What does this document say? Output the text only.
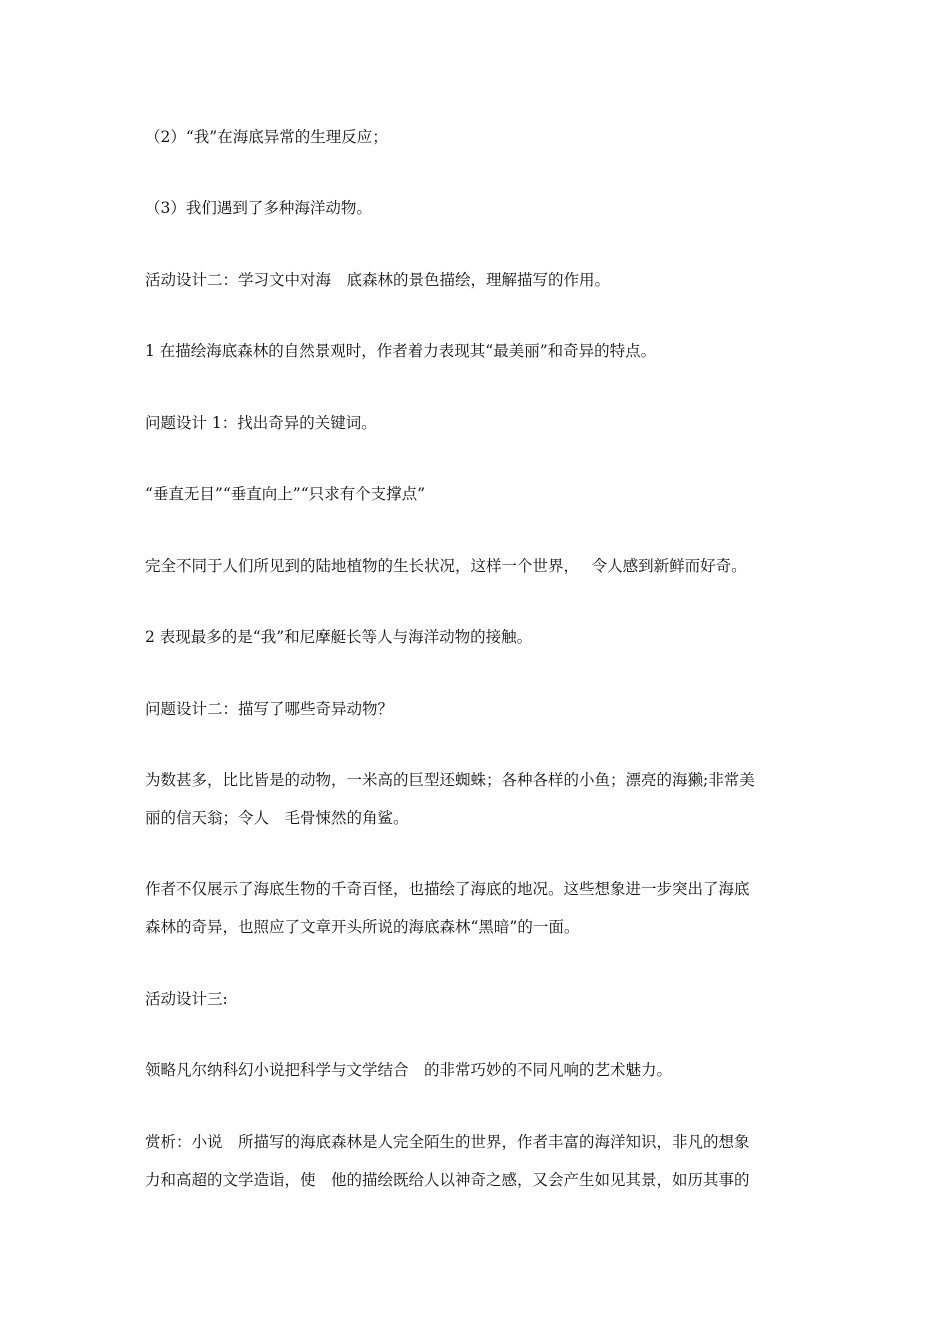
（2）“我”在海底异常的生理反应；

（3）我们遇到了多种海洋动物。

活动设计二：学习文中对海　底森林的景色描绘，理解描写的作用。

1 在描绘海底森林的自然景观时，作者着力表现其“最美丽”和奇异的特点。

问题设计 1：找出奇异的关键词。

“垂直无目”“垂直向上”“只求有个支撑点”

完全不同于人们所见到的陆地植物的生长状况，这样一个世界，　 令人感到新鲜而好奇。

2 表现最多的是“我”和尼摩艇长等人与海洋动物的接触。

问题设计二：描写了哪些奇异动物？

为数甚多，比比皆是的动物，一米高的巨型还蜘蛛；各种各样的小鱼；漂亮的海獭;非常美
丽的信天翁；令人　毛骨悚然的角鲨。

作者不仅展示了海底生物的千奇百怪，也描绘了海底的地况。这些想象进一步突出了海底
森林的奇异，也照应了文章开头所说的海底森林“黑暗”的一面。

活动设计三:

领略凡尔纳科幻小说把科学与文学结合　的非常巧妙的不同凡响的艺术魅力。

赏析：小说　所描写的海底森林是人完全陌生的世界，作者丰富的海洋知识，非凡的想象
力和高超的文学造诣，使　他的描绘既给人以神奇之感，又会产生如见其景，如历其事的
